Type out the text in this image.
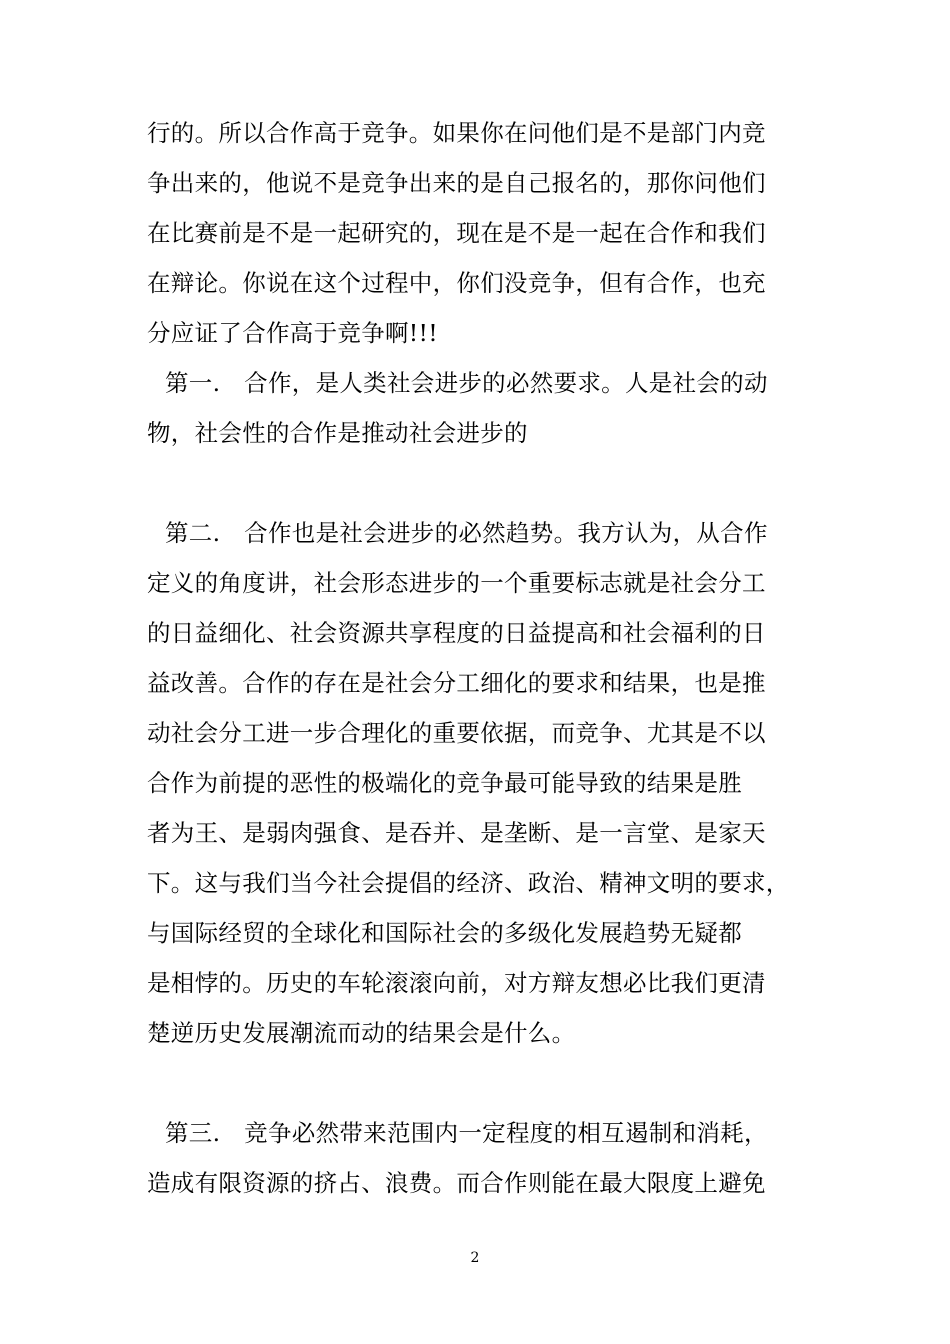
行的。所以合作高于竞争。如果你在问他们是不是部门内竞
争出来的，他说不是竞争出来的是自己报名的，那你问他们
在比赛前是不是一起研究的，现在是不是一起在合作和我们
在辩论。你说在这个过程中，你们没竞争，但有合作，也充
分应证了合作高于竞争啊!!!
第一.　合作，是人类社会进步的必然要求。人是社会的动
物，社会性的合作是推动社会进步的
第二.　合作也是社会进步的必然趋势。我方认为，从合作
定义的角度讲，社会形态进步的一个重要标志就是社会分工
的日益细化、社会资源共享程度的日益提高和社会福利的日
益改善。合作的存在是社会分工细化的要求和结果，也是推
动社会分工进一步合理化的重要依据，而竞争、尤其是不以
合作为前提的恶性的极端化的竞争最可能导致的结果是胜
者为王、是弱肉强食、是吞并、是垄断、是一言堂、是家天
下。这与我们当今社会提倡的经济、政治、精神文明的要求，
与国际经贸的全球化和国际社会的多级化发展趋势无疑都
是相悖的。历史的车轮滚滚向前，对方辩友想必比我们更清
楚逆历史发展潮流而动的结果会是什么。
第三.　竞争必然带来范围内一定程度的相互遏制和消耗，
造成有限资源的挤占、浪费。而合作则能在最大限度上避免
2
